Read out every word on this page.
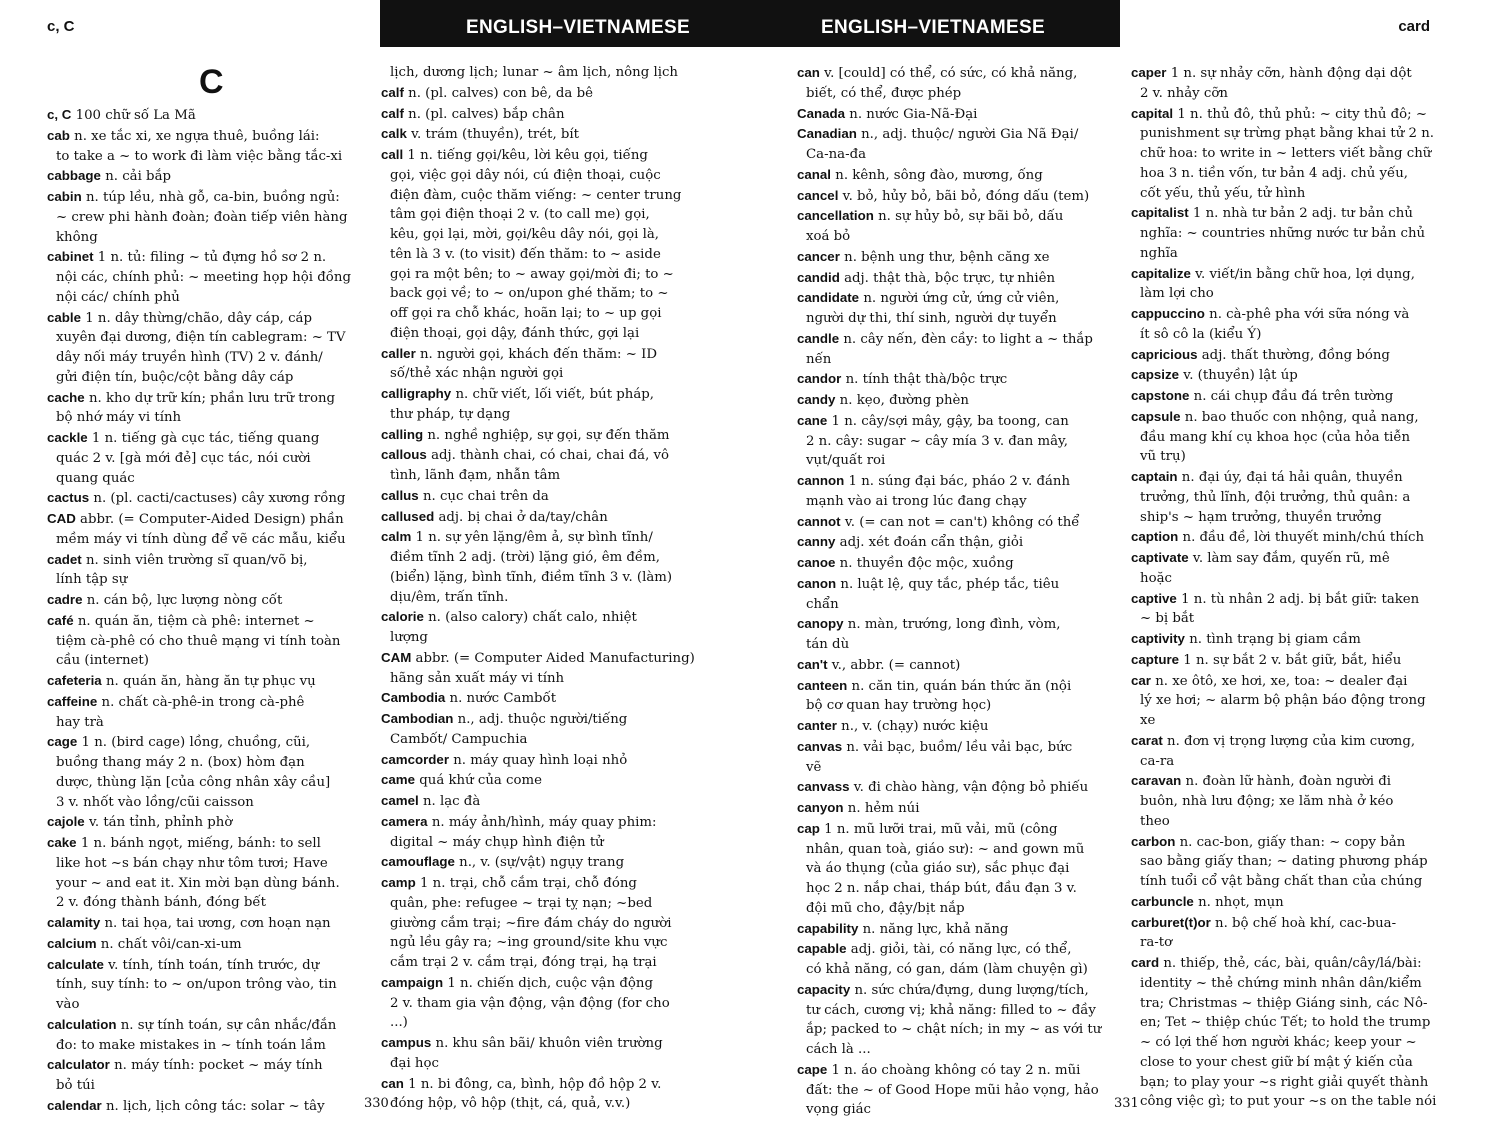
c, C	ENGLISH–VIETNAMESE	ENGLISH–VIETNAMESE	card
C
c, C 100 chữ số La Mã
cab n. xe tắc xi, xe ngựa thuê, buồng lái:
to take a ~ to work đi làm việc bằng tắc-xi
cabbage n. cải bắp
cabin n. túp lều, nhà gỗ, ca-bin, buồng ngủ:
~ crew phi hành đoàn; đoàn tiếp viên hàng
không
cabinet 1 n. tủ: filing ~ tủ đựng hồ sơ 2 n.
nội các, chính phủ: ~ meeting họp hội đồng
nội các/ chính phủ
cable 1 n. dây thừng/chão, dây cáp, cáp
xuyên đại dương, điện tín cablegram: ~ TV
dây nối máy truyền hình (TV) 2 v. đánh/
gửi điện tín, buộc/cột bằng dây cáp
cache n. kho dự trữ kín; phần lưu trữ trong
bộ nhớ máy vi tính
cackle 1 n. tiếng gà cục tác, tiếng quang
quác 2 v. [gà mới đẻ] cục tác, nói cười
quang quác
cactus n. (pl. cacti/cactuses) cây xương rồng
CAD abbr. (= Computer-Aided Design) phần
mềm máy vi tính dùng để vẽ các mẫu, kiểu
cadet n. sinh viên trường sĩ quan/võ bị,
lính tập sự
cadre n. cán bộ, lực lượng nòng cốt
café n. quán ăn, tiệm cà phê: internet ~
tiệm cà-phê có cho thuê mạng vi tính toàn
cầu (internet)
cafeteria n. quán ăn, hàng ăn tự phục vụ
caffeine n. chất cà-phê-in trong cà-phê
hay trà
cage 1 n. (bird cage) lồng, chuồng, cũi,
buồng thang máy 2 n. (box) hòm đạn
dược, thùng lặn [của công nhân xây cầu]
3 v. nhốt vào lồng/cũi caisson
cajole v. tán tỉnh, phỉnh phờ
cake 1 n. bánh ngọt, miếng, bánh: to sell
like hot ~s bán chạy như tôm tươi; Have
your ~ and eat it. Xin mời bạn dùng bánh.
2 v. đóng thành bánh, đóng bết
calamity n. tai họa, tai ương, cơn hoạn nạn
calcium n. chất vôi/can-xi-um
calculate v. tính, tính toán, tính trước, dự
tính, suy tính: to ~ on/upon trông vào, tin
vào
calculation n. sự tính toán, sự cân nhắc/đắn
đo: to make mistakes in ~ tính toán lầm
calculator n. máy tính: pocket ~ máy tính
bỏ túi
calendar n. lịch, lịch công tác: solar ~ tây
lịch, dương lịch; lunar ~ âm lịch, nông lịch
calf n. (pl. calves) con bê, da bê
calf n. (pl. calves) bắp chân
calk v. trám (thuyền), trét, bít
call 1 n. tiếng gọi/kêu, lời kêu gọi, tiếng
gọi, việc gọi dây nói, cú điện thoại, cuộc
điện đàm, cuộc thăm viếng: ~ center trung
tâm gọi điện thoại 2 v. (to call me) gọi,
kêu, gọi lại, mời, gọi/kêu dây nói, gọi là,
tên là 3 v. (to visit) đến thăm: to ~ aside
gọi ra một bên; to ~ away gọi/mời đi; to ~
back gọi về; to ~ on/upon ghé thăm; to ~
off gọi ra chỗ khác, hoãn lại; to ~ up gọi
điện thoại, gọi dậy, đánh thức, gợi lại
caller n. người gọi, khách đến thăm: ~ ID
số/thẻ xác nhận người gọi
calligraphy n. chữ viết, lối viết, bút pháp,
thư pháp, tự dạng
calling n. nghề nghiệp, sự gọi, sự đến thăm
callous adj. thành chai, có chai, chai đá, vô
tình, lãnh đạm, nhẫn tâm
callus n. cục chai trên da
callused adj. bị chai ở da/tay/chân
calm 1 n. sự yên lặng/êm ả, sự bình tĩnh/
điềm tĩnh 2 adj. (trời) lặng gió, êm đềm,
(biển) lặng, bình tĩnh, điềm tĩnh 3 v. (làm)
dịu/êm, trấn tĩnh.
calorie n. (also calory) chất calo, nhiệt
lượng
CAM abbr. (= Computer Aided Manufacturing)
hãng sản xuất máy vi tính
Cambodia n. nước Cambốt
Cambodian n., adj. thuộc người/tiếng
Cambốt/ Campuchia
camcorder n. máy quay hình loại nhỏ
came quá khứ của come
camel n. lạc đà
camera n. máy ảnh/hình, máy quay phim:
digital ~ máy chụp hình điện tử
camouflage n., v. (sự/vật) ngụy trang
camp 1 n. trại, chỗ cắm trại, chỗ đóng
quân, phe: refugee ~ trại tỵ nạn; ~bed
giường cắm trại; ~fire đám cháy do người
ngủ lều gây ra; ~ing ground/site khu vực
cắm trại 2 v. cắm trại, đóng trại, hạ trại
campaign 1 n. chiến dịch, cuộc vận động
2 v. tham gia vận động, vận động (for cho
...)
campus n. khu sân bãi/ khuôn viên trường
đại học
can 1 n. bi đông, ca, bình, hộp đồ hộp 2 v.
đóng hộp, vô hộp (thịt, cá, quả, v.v.)
can v. [could] có thể, có sức, có khả năng,
biết, có thể, được phép
Canada n. nước Gia-Nã-Đại
Canadian n., adj. thuộc/ người Gia Nã Đại/
Ca-na-đa
canal n. kênh, sông đào, mương, ống
cancel v. bỏ, hủy bỏ, bãi bỏ, đóng dấu (tem)
cancellation n. sự hủy bỏ, sự bãi bỏ, dấu
xoá bỏ
cancer n. bệnh ung thư, bệnh căng xe
candid adj. thật thà, bộc trực, tự nhiên
candidate n. người ứng cử, ứng cử viên,
người dự thi, thí sinh, người dự tuyển
candle n. cây nến, đèn cầy: to light a ~ thắp
nến
candor n. tính thật thà/bộc trực
candy n. kẹo, đường phèn
cane 1 n. cây/sợi mây, gậy, ba toong, can
2 n. cây: sugar ~ cây mía 3 v. đan mây,
vụt/quất roi
cannon 1 n. súng đại bác, pháo 2 v. đánh
mạnh vào ai trong lúc đang chạy
cannot v. (= can not = can't) không có thể
canny adj. xét đoán cẩn thận, giỏi
canoe n. thuyền độc mộc, xuồng
canon n. luật lệ, quy tắc, phép tắc, tiêu
chẩn
canopy n. màn, trướng, long đình, vòm,
tán dù
can't v., abbr. (= cannot)
canteen n. căn tin, quán bán thức ăn (nội
bộ cơ quan hay trường học)
canter n., v. (chạy) nước kiệu
canvas n. vải bạc, buồm/ lều vải bạc, bức
vẽ
canvass v. đi chào hàng, vận động bỏ phiếu
canyon n. hẻm núi
cap 1 n. mũ lưỡi trai, mũ vải, mũ (công
nhân, quan toà, giáo sư): ~ and gown mũ
và áo thụng (của giáo sư), sắc phục đại
học 2 n. nắp chai, tháp bút, đầu đạn 3 v.
đội mũ cho, đậy/bịt nắp
capability n. năng lực, khả năng
capable adj. giỏi, tài, có năng lực, có thể,
có khả năng, có gan, dám (làm chuyện gì)
capacity n. sức chứa/đựng, dung lượng/tích,
tư cách, cương vị; khả năng: filled to ~ đầy
ắp; packed to ~ chật ních; in my ~ as với tư
cách là ...
cape 1 n. áo choàng không có tay 2 n. mũi
đất: the ~ of Good Hope mũi hảo vọng, hảo
vọng giác
caper 1 n. sự nhảy cỡn, hành động dại dột
2 v. nhảy cỡn
capital 1 n. thủ đô, thủ phủ: ~ city thủ đô; ~
punishment sự trừng phạt bằng khai tử 2 n.
chữ hoa: to write in ~ letters viết bằng chữ
hoa 3 n. tiền vốn, tư bản 4 adj. chủ yếu,
cốt yếu, thủ yếu, tử hình
capitalist 1 n. nhà tư bản 2 adj. tư bản chủ
nghĩa: ~ countries những nước tư bản chủ
nghĩa
capitalize v. viết/in bằng chữ hoa, lợi dụng,
làm lợi cho
cappuccino n. cà-phê pha với sữa nóng và
ít sô cô la (kiểu Ý)
capricious adj. thất thường, đồng bóng
capsize v. (thuyền) lật úp
capstone n. cái chụp đầu đá trên tường
capsule n. bao thuốc con nhộng, quả nang,
đầu mang khí cụ khoa học (của hỏa tiễn
vũ trụ)
captain n. đại úy, đại tá hải quân, thuyền
trưởng, thủ lĩnh, đội trưởng, thủ quân: a
ship's ~ hạm trưởng, thuyền trưởng
caption n. đầu đề, lời thuyết minh/chú thích
captivate v. làm say đắm, quyến rũ, mê
hoặc
captive 1 n. tù nhân 2 adj. bị bắt giữ: taken
~ bị bắt
captivity n. tình trạng bị giam cầm
capture 1 n. sự bắt 2 v. bắt giữ, bắt, hiểu
car n. xe ôtô, xe hơi, xe, toa: ~ dealer đại
lý xe hơi; ~ alarm bộ phận báo động trong
xe
carat n. đơn vị trọng lượng của kim cương,
ca-ra
caravan n. đoàn lữ hành, đoàn người đi
buôn, nhà lưu động; xe lăm nhà ở kéo
theo
carbon n. cac-bon, giấy than: ~ copy bản
sao bằng giấy than; ~ dating phương pháp
tính tuổi cổ vật bằng chất than của chúng
carbuncle n. nhọt, mụn
carburet(t)or n. bộ chế hoà khí, cac-bua-
ra-tơ
card n. thiếp, thẻ, các, bài, quân/cây/lá/bài:
identity ~ thẻ chứng minh nhân dân/kiểm
tra; Christmas ~ thiệp Giáng sinh, các Nô-
en; Tet ~ thiệp chúc Tết; to hold the trump
~ có lợi thế hơn người khác; keep your ~
close to your chest giữ bí mật ý kiến của
bạn; to play your ~s right giải quyết thành
công việc gì; to put your ~s on the table nói
330	331
